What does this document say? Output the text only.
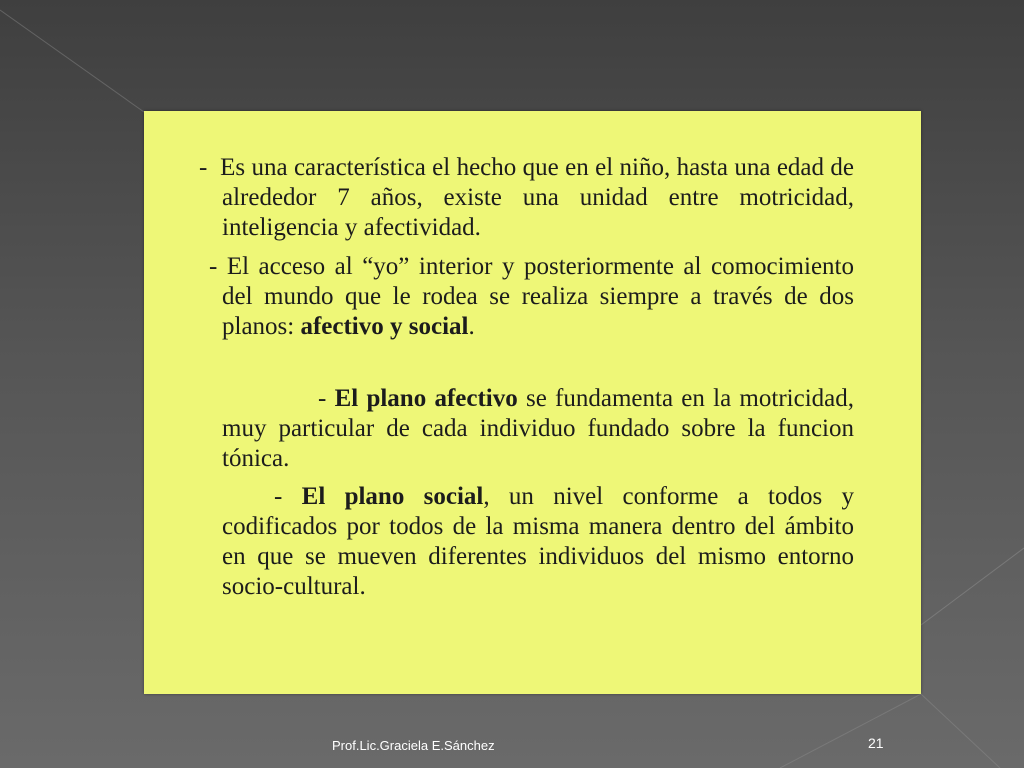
-  Es una característica el hecho que en el niño, hasta una edad de alrededor 7 años, existe una unidad entre motricidad, inteligencia y afectividad.

- El acceso al “yo” interior y posteriormente al comocimiento del mundo que le rodea se realiza siempre a través de dos planos: afectivo y social.

- El plano afectivo se fundamenta en la motricidad, muy particular de cada individuo fundado sobre la funcion tónica.

- El plano social, un nivel conforme a todos y codificados por todos de la misma manera dentro del ámbito en que se mueven diferentes individuos del mismo entorno socio-cultural.

Prof.Lic.Graciela E.Sánchez	21
